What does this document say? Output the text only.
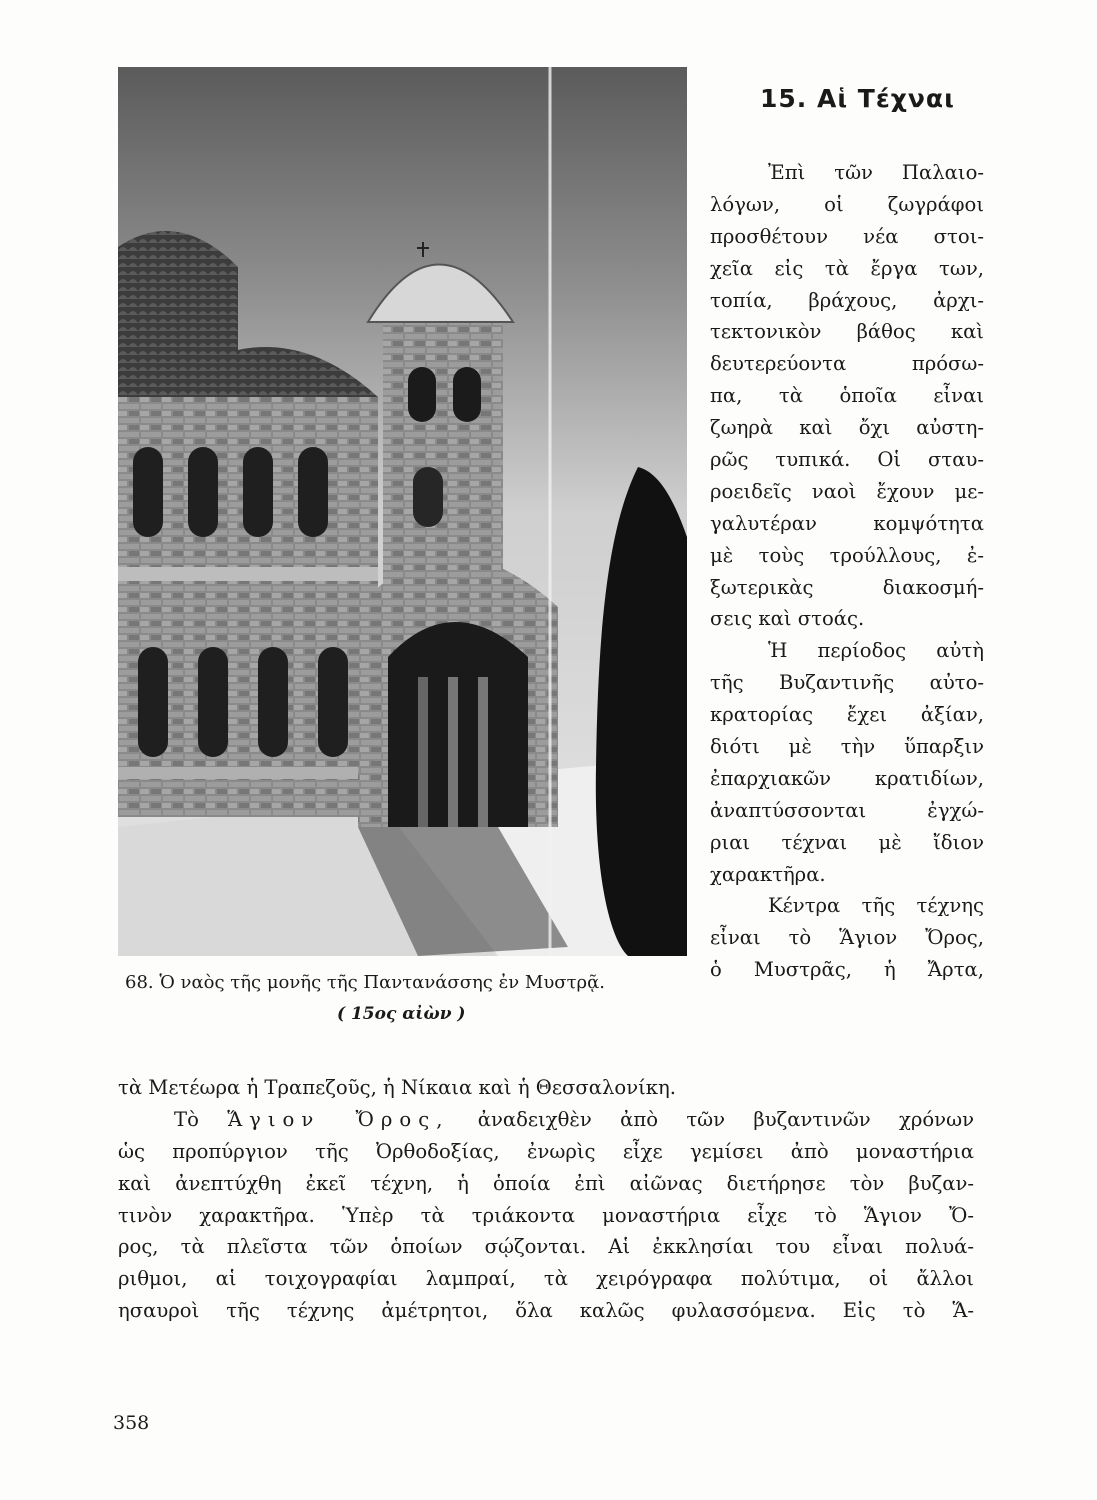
15. Αἱ Τέχναι
Ἐπὶ τῶν Παλαιο-
λόγων, οἱ ζωγράφοι
προσθέτουν νέα στοι-
χεῖα εἰς τὰ ἔργα των,
τοπία, βράχους, ἀρχι-
τεκτονικὸν βάθος καὶ
δευτερεύοντα πρόσω-
πα, τὰ ὁποῖα εἶναι
ζωηρὰ καὶ ὄχι αὐστη-
ρῶς τυπικά. Οἱ σταυ-
ροειδεῖς ναοὶ ἔχουν με-
γαλυτέραν κομψότητα
μὲ τοὺς τρούλλους, ἐ-
ξωτερικὰς διακοσμή-
σεις καὶ στοάς.
Ἡ περίοδος αὐτὴ
τῆς Βυζαντινῆς αὐτο-
κρατορίας ἔχει ἀξίαν,
διότι μὲ τὴν ὕπαρξιν
ἐπαρχιακῶν κρατιδίων,
ἀναπτύσσονται ἐγχώ-
ριαι τέχναι μὲ ἴδιον
χαρακτῆρα.
Κέντρα τῆς τέχνης
εἶναι τὸ Ἅγιον Ὄρος,
ὁ Μυστρᾶς, ἡ Ἄρτα,
68. Ὁ ναὸς τῆς μονῆς τῆς Παντανάσσης ἐν Μυστρᾷ.
( 15ος αἰὼν )
τὰ Μετέωρα ἡ Τραπεζοῦς, ἡ Νίκαια καὶ ἡ Θεσσαλονίκη.
Τὸ Ἅγιον Ὄρος, ἀναδειχθὲν ἀπὸ τῶν βυζαντινῶν χρόνων
ὡς προπύργιον τῆς Ὀρθοδοξίας, ἐνωρὶς εἶχε γεμίσει ἀπὸ μοναστήρια
καὶ ἀνεπτύχθη ἐκεῖ τέχνη, ἡ ὁποία ἐπὶ αἰῶνας διετήρησε τὸν βυζαν-
τινὸν χαρακτῆρα. Ὑπὲρ τὰ τριάκοντα μοναστήρια εἶχε τὸ Ἅγιον Ὄ-
ρος, τὰ πλεῖστα τῶν ὁποίων σῴζονται. Αἱ ἐκκλησίαι του εἶναι πολυά-
ριθμοι, αἱ τοιχογραφίαι λαμπραί, τὰ χειρόγραφα πολύτιμα, οἱ ἄλλοι
ησαυροὶ τῆς τέχνης ἀμέτρητοι, ὅλα καλῶς φυλασσόμενα. Εἰς τὸ Ἅ-
358
